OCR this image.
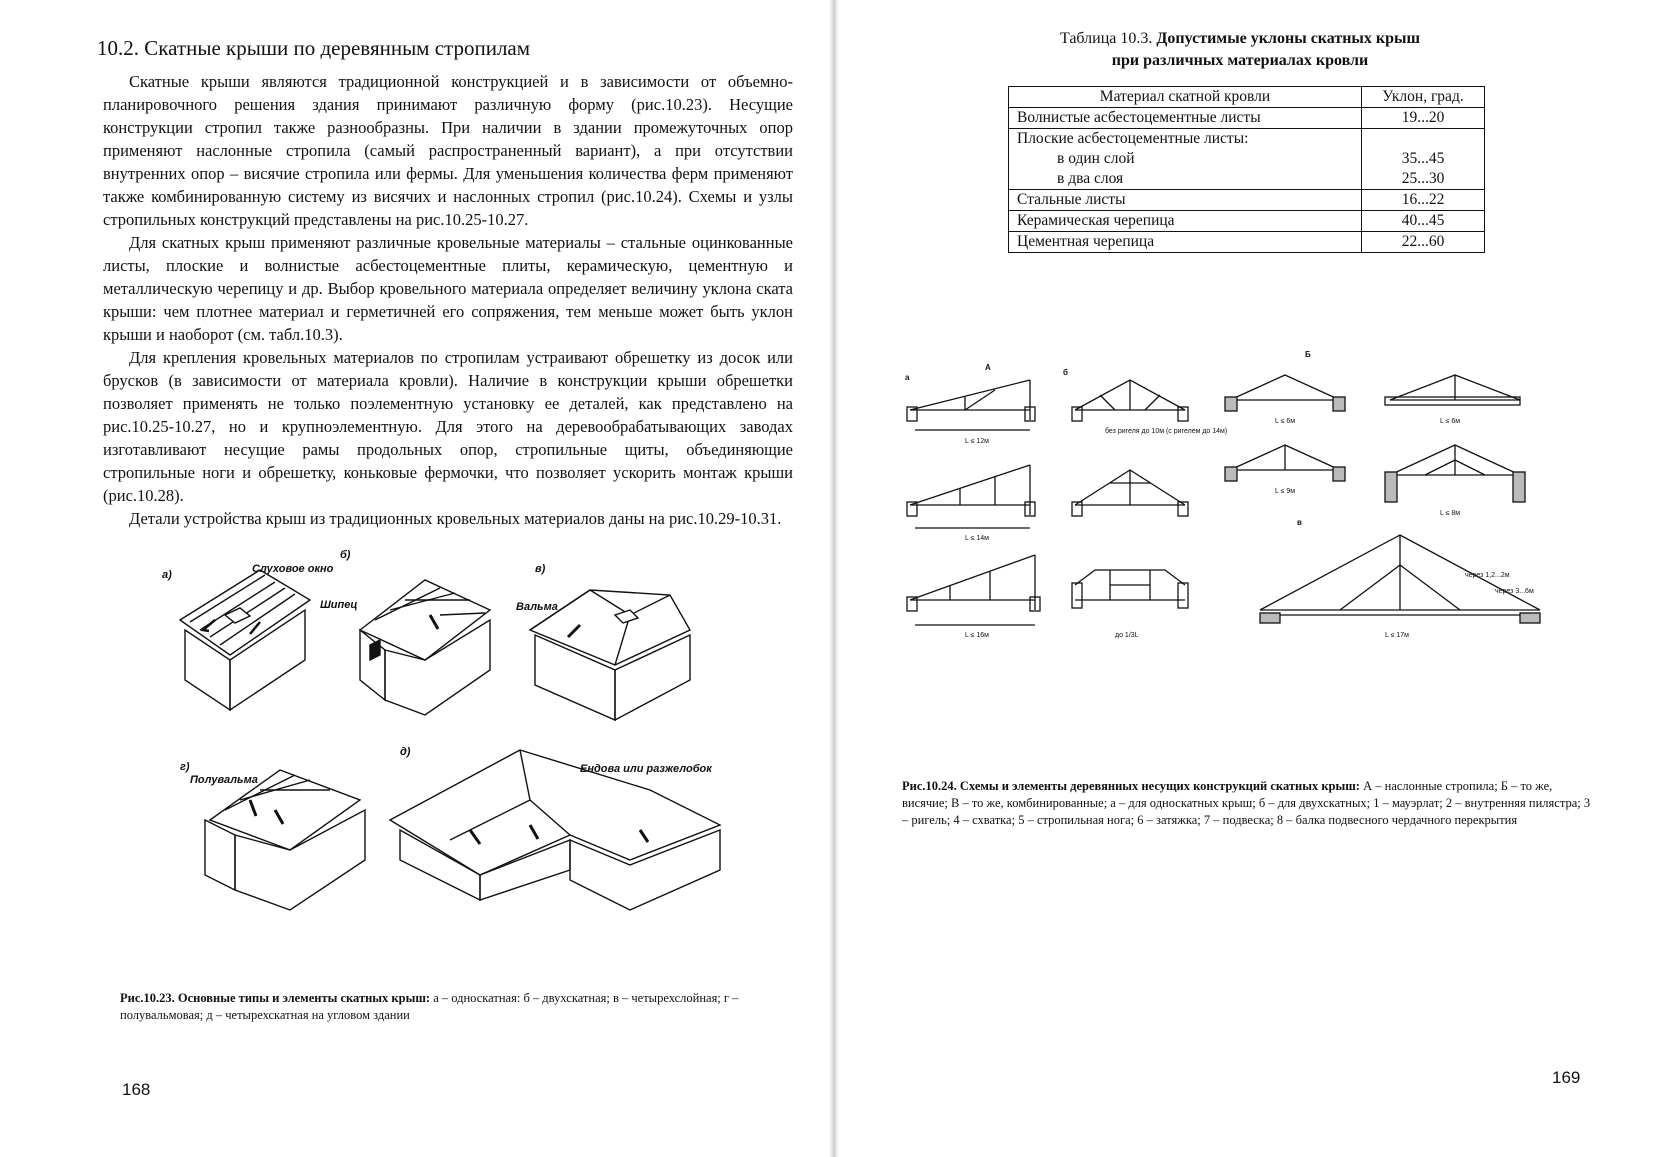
10.2. Скатные крыши по деревянным стропилам

Скатные крыши являются традиционной конструкцией и в зависимости от объемно-планировочного решения здания принимают различную форму (рис.10.23). Несущие конструкции стропил также разнообразны. При наличии в здании промежуточных опор применяют наслонные стропила (самый распространенный вариант), а при отсутствии внутренних опор – висячие стропила или фермы. Для уменьшения количества ферм применяют также комбинированную систему из висячих и наслонных стропил (рис.10.24). Схемы и узлы стропильных конструкций представлены на рис.10.25-10.27.

Для скатных крыш применяют различные кровельные материалы – стальные оцинкованные листы, плоские и волнистые асбестоцементные плиты, керамическую, цементную и металлическую черепицу и др. Выбор кровельного материала определяет величину уклона ската крыши: чем плотнее материал и герметичней его сопряжения, тем меньше может быть уклон крыши и наоборот (см. табл.10.3).

Для крепления кровельных материалов по стропилам устраивают обрешетку из досок или брусков (в зависимости от материала кровли). Наличие в конструкции крыши обрешетки позволяет применять не только поэлементную установку ее деталей, как представлено на рис.10.25-10.27, но и крупноэлементную. Для этого на деревообрабатывающих заводах изготавливают несущие рамы продольных опор, стропильные щиты, объединяющие стропильные ноги и обрешетку, коньковые фермочки, что позволяет ускорить монтаж крыши (рис.10.28).

Детали устройства крыш из традиционных кровельных материалов даны на рис.10.29-10.31.

а)
б)
в)
г)
д)
Слуховое окно
Шипец	Вальма
Полувальма
Ендова или разжелобок
Рис.10.23. Основные типы и элементы скатных крыш: а – односкатная: б – двухскатная; в – четырехслойная; г – полувальмовая; д – четырехскатная на угловом здании
168
Таблица 10.3. Допустимые уклоны скатных крыш
при различных материалах кровли
Материал скатной кровли	Уклон, град.
Волнистые асбестоцементные листы	19...20
Плоские асбестоцементные листы:	
в один слой	35...45
в два слоя	25...30
Стальные листы	16...22
Керамическая черепица	40...45
Цементная черепица	22...60
L ≤ 12м
L ≤ 14м
L ≤ 16м
без ригеля до 10м (с ригелем до 14м)
до 1/3L
L ≤ 6м
L ≤ 9м
L ≤ 6м
L ≤ 8м
L ≤ 17м
через 1,2...2м
через 3...6м
а
А
б
Б
в
Рис.10.24. Схемы и элементы деревянных несущих конструкций скатных крыш: А – наслонные стропила; Б – то же, висячие; В – то же, комбинированные; а – для односкатных крыш; б – для двухскатных; 1 – мауэрлат; 2 – внутренняя пилястра; 3 – ригель; 4 – схватка; 5 – стропильная нога; 6 – затяжка; 7 – подвеска; 8 – балка подвесного чердачного перекрытия
169
